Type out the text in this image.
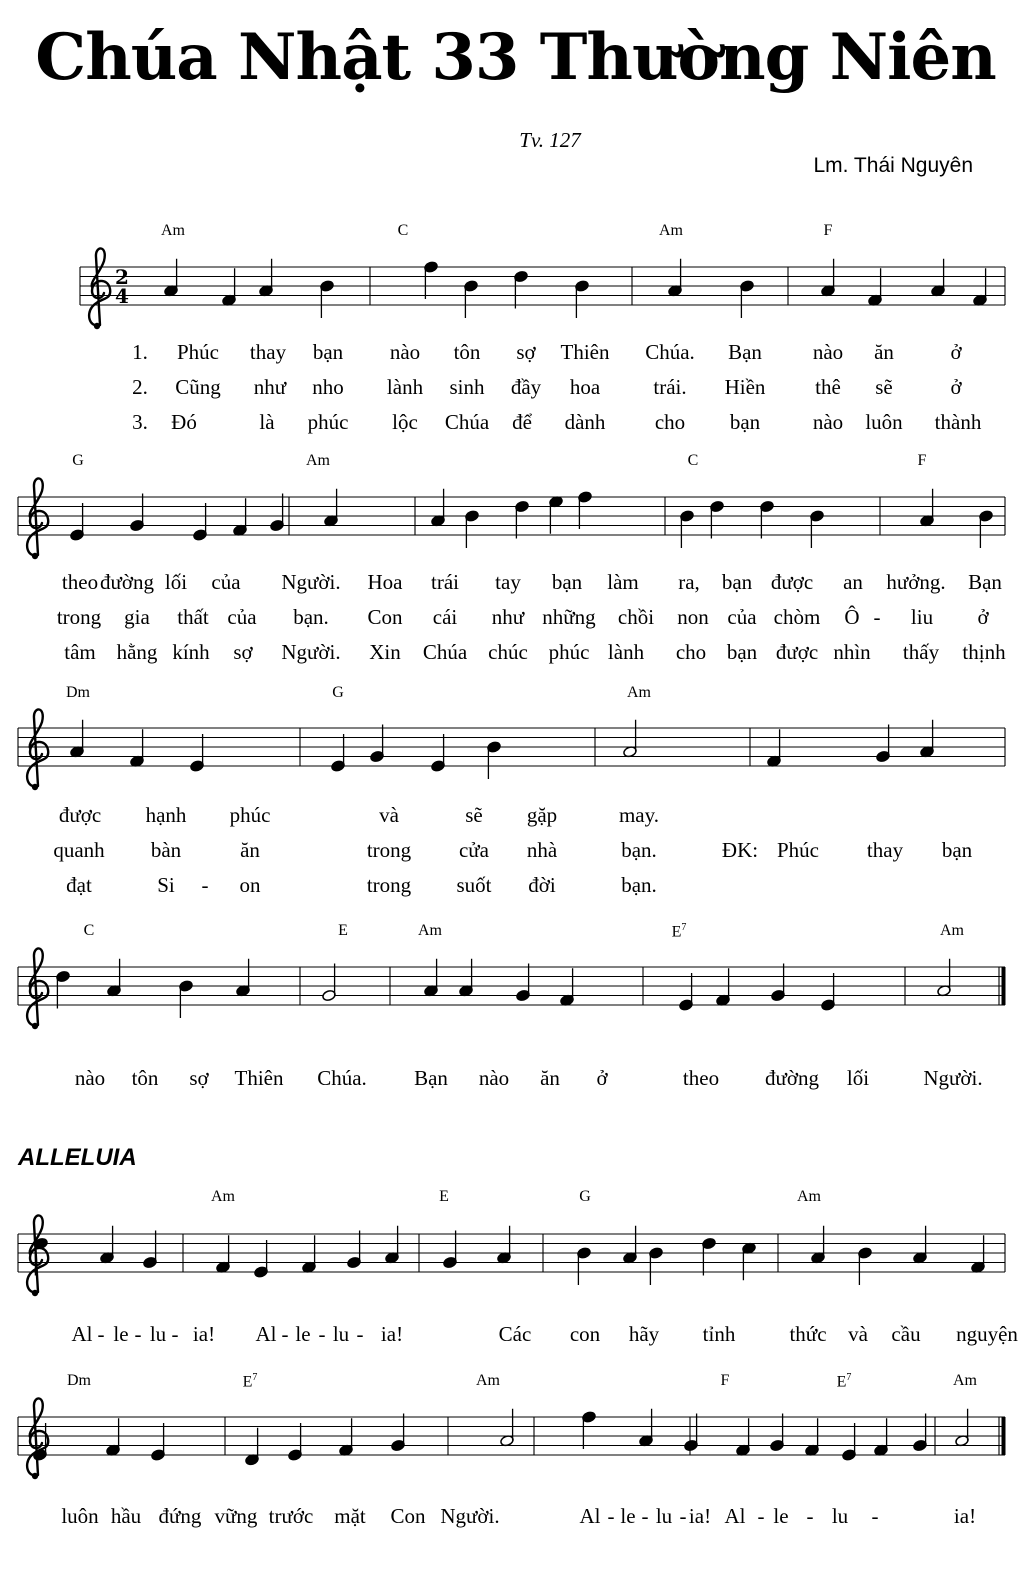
Chúa Nhật 33 Thường Niên
Tv. 127
Lm. Thái Nguyên
ALLELUIA
2
4
Am	C	Am	F
G	Am	C	F
Dm	G	Am
C	E	Am	$E^7$	Am
Am	E	G	Am
Dm	$E^7$	Am	F	$E^7$	Am
1. Phúc thay bạn nào tôn sợ Thiên Chúa. Bạn nào ăn	ở
2. Cũng như nho lành sinh đầy hoa	trái. Hiền thê sẽ	ở
3. Đó	là phúc lộc Chúa để dành cho bạn	nào luôn thành
theo đường lối của Người. Hoa trái tay bạn làm ra, bạn được an hưởng. Bạn
trong gia thất của bạn. Con cái như những chồi non của chòm Ô - liu ở
tâm hằng kính sợ Người. Xin Chúa chúc phúc lành cho bạn được nhìn thấy thịnh
được hạnh phúc	và	sẽ gặp	may.
quanh bàn	ăn	trong cửa nhà	bạn.	ĐK: Phúc thay bạn
đạt	Si - on	trong suốt đời	bạn.
nào tôn sợ Thiên Chúa. Bạn nào ăn ở	theo đường lối	Người.
Al - le - lu - ia! Al - le - lu - ia!	Các con hãy tỉnh	thức và cầu nguyện
luôn hầu đứng vững trước mặt Con Người.	Al - le - lu - ia! Al - le - lu -	ia!
